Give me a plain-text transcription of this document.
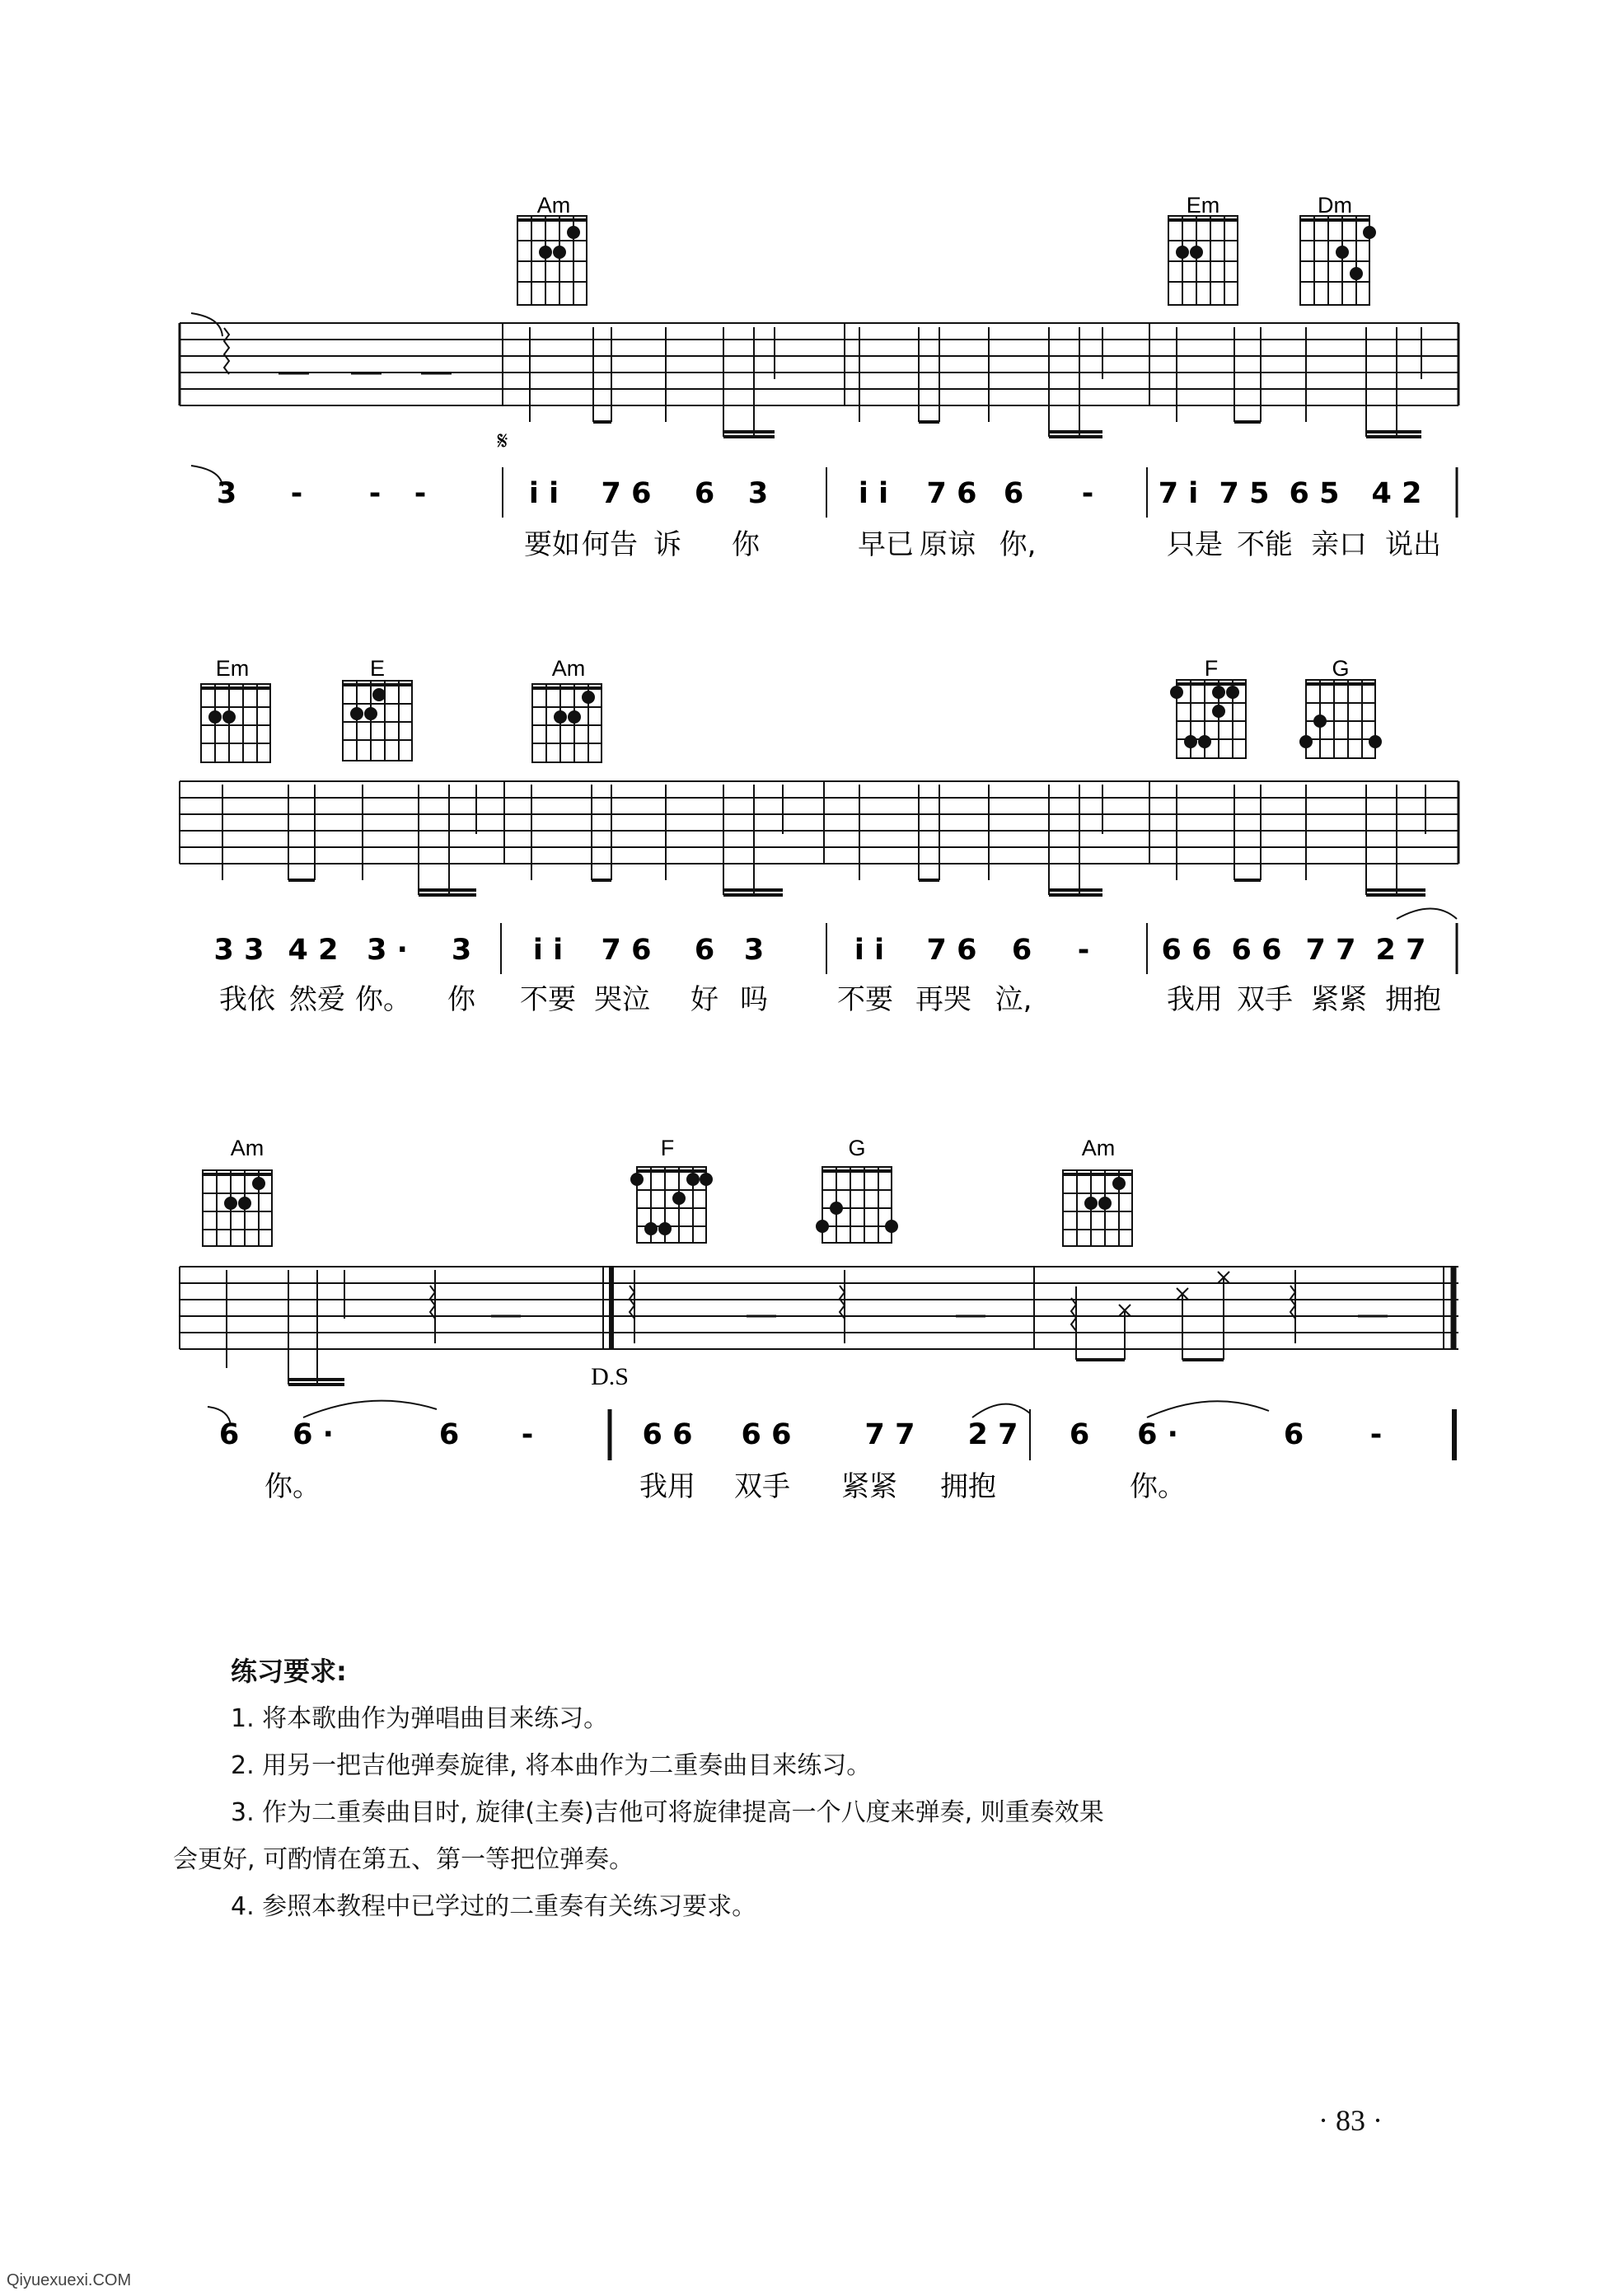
Am	Em	Dm
3 - - -	i i 7 6 6 3	i i 7 6 6 - 7 i 7 5 6 5 4 2
要如 何告 诉 你	早已 原谅 你,	只是 不能 亲口 说出
𝄋
Em	E	Am	F	G
3 3 4 2 3 · 3 i i 7 6 6 3	i i 7 6 6 - 6 6 6 6 7 7 2 7
我依 然爱 你。 你 不要 哭泣 好 吗 不要 再哭 泣,	我用 双手 紧紧 拥抱
Am	F	G	Am
6 6 ·	6 -	6 6 6 6	7 7 2 7 6 6 ·	6 -
你。	我用 双手 紧紧 拥抱	你。
D.S

练习要求:

1. 将本歌曲作为弹唱曲目来练习。

2. 用另一把吉他弹奏旋律, 将本曲作为二重奏曲目来练习。

3. 作为二重奏曲目时, 旋律(主奏)吉他可将旋律提高一个八度来弹奏, 则重奏效果

会更好, 可酌情在第五、第一等把位弹奏。

4. 参照本教程中已学过的二重奏有关练习要求。

· 83 ·
Qiyuexuexi.COM
